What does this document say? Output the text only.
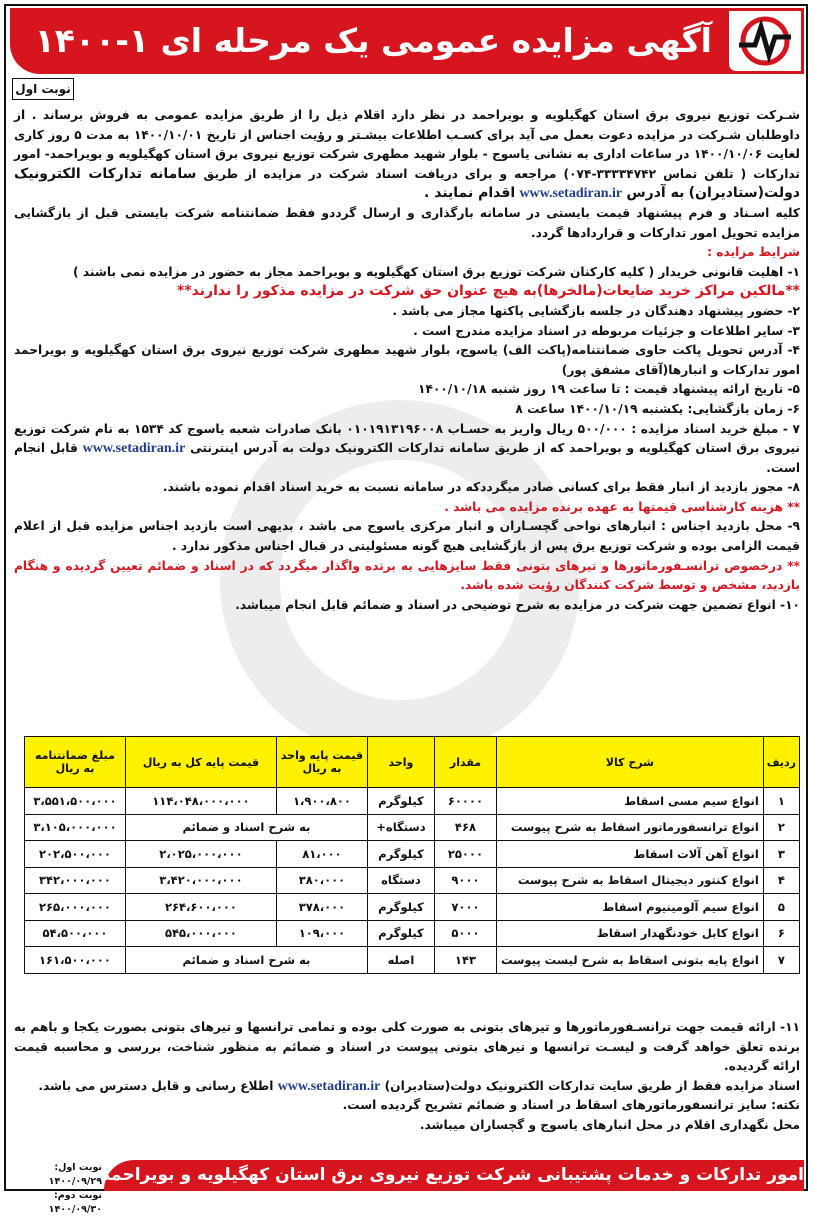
آگهی مزایده عمومی یک مرحله ای ۱-۱۴۰۰
نوبت اول

شـرکت توزیع نیروی برق استان کهگیلویه و بویراحمد در نظر دارد اقلام ذیل را از طریق مزایده عمومی به فروش برساند . از داوطلبان شـرکت در مزایده دعوت بعمل می آید برای کسـب اطلاعات بیشـتر و رؤیت اجناس از تاریخ ۱۴۰۰/۱۰/۰۱ به مدت ۵ روز کاری لغایت ۱۴۰۰/۱۰/۰۶ در ساعات اداری به نشانی یاسوج - بلوار شهید مطهری شرکت توزیع نیروی برق استان کهگیلویه و بویراحمد- امور تدارکات ( تلفن تماس ۳۳۳۳۴۷۴۲-۰۷۴) مراجعه و برای دریافت اسناد شرکت در مزایده از طریق سامانه تدارکات الکترونیک دولت(ستادیران) به آدرس www.setadiran.ir اقدام نمایند .

کلیه اسـناد و فرم پیشنهاد قیمت بایستی در سامانه بارگذاری و ارسال گرددو فقط ضمانتنامه شرکت بایستی قبل از بازگشایی مزایده تحویل امور تدارکات و قراردادها گردد.

شرایط مزایده :

۱- اهلیت قانونی خریدار ( کلیه کارکنان شرکت توزیع برق استان کهگیلویه و بویراحمد مجاز به حضور در مزایده نمی باشند )

**مالکین مراکز خرید ضایعات(مالخرها)به هیچ عنوان حق شرکت در مزایده مذکور را ندارند**

۲- حضور پیشنهاد دهندگان در جلسه بازگشایی پاکتها مجاز می باشد .

۳- سایر اطلاعات و جزئیات مربوطه در اسناد مزایده مندرج است .

۴- آدرس تحویل پاکت حاوی ضمانتنامه(پاکت الف) یاسوج، بلوار شهید مطهری شرکت توزیع نیروی برق استان کهگیلویه و بویراحمد امور تدارکات و انبارها(آقای مشفق پور)

۵- تاریخ ارائه پیشنهاد قیمت : تا ساعت ۱۹ روز شنبه ۱۴۰۰/۱۰/۱۸

۶- زمان بازگشایی: یکشنبه ۱۴۰۰/۱۰/۱۹ ساعت ۸

۷ - مبلغ خرید اسناد مزایده : ۵۰۰/۰۰۰ ریال واریز به حسـاب ۰۱۰۱۹۱۳۱۹۶۰۰۸ بانک صادرات شعبه یاسوج کد ۱۵۳۴ به نام شرکت توزیع نیروی برق استان کهگیلویه و بویراحمد که از طریق سامانه تدارکات الکترونیک دولت به آدرس اینترنتی www.setadiran.ir قابل انجام است.

۸- مجوز بازدید از انبار فقط برای کسانی صادر میگرددکه در سامانه نسبت به خرید اسناد اقدام نموده باشند.

** هزینه کارشناسی قیمتها به عهده برنده مزایده می باشد .

۹- محل بازدید اجناس : انبارهای نواحی گچسـاران و انبار مرکزی یاسوج می باشد ، بدیهی است بازدید اجناس مزایده قبل از اعلام قیمت الزامی بوده و شرکت توزیع برق پس از بازگشایی هیچ گونه مسئولیتی در قبال اجناس مذکور ندارد .

** درخصوص ترانسـفورماتورها و تیرهای بتونی فقط سایزهایی به برنده واگذار میگردد که در اسناد و ضمائم تعیین گردیده و هنگام بازدید، مشخص و توسط شرکت کنندگان رؤیت شده باشد.

۱۰- انواع تضمین جهت شرکت در مزایده به شرح توضیحی در اسناد و ضمائم قابل انجام میباشد.

ردیف	شرح کالا	مقدار	واحد	قیمت پایه واحد به ریال	قیمت پایه کل به ریال	مبلغ ضمانتنامه به ریال
۱	انواع سیم مسی اسقاط	۶۰۰۰۰	کیلوگرم	۱،۹۰۰،۸۰۰	۱۱۴،۰۴۸،۰۰۰،۰۰۰	۳،۵۵۱،۵۰۰،۰۰۰
۲	انواع ترانسفورماتور اسقاط به شرح پیوست	۴۶۸	دستگاه+	به شرح اسناد و ضمائم		۳،۱۰۵،۰۰۰،۰۰۰
۳	انواع آهن آلات اسقاط	۲۵۰۰۰	کیلوگرم	۸۱،۰۰۰	۲،۰۲۵،۰۰۰،۰۰۰	۲۰۲،۵۰۰،۰۰۰
۴	انواع کنتور دیجیتال اسقاط به شرح پیوست	۹۰۰۰	دستگاه	۳۸۰،۰۰۰	۳،۴۲۰،۰۰۰،۰۰۰	۳۴۲،۰۰۰،۰۰۰
۵	انواع سیم آلومینیوم اسقاط	۷۰۰۰	کیلوگرم	۳۷۸،۰۰۰	۲۶۴،۶۰۰،۰۰۰	۲۶۵،۰۰۰،۰۰۰
۶	انواع کابل خودنگهدار اسقاط	۵۰۰۰	کیلوگرم	۱۰۹،۰۰۰	۵۴۵،۰۰۰،۰۰۰	۵۴،۵۰۰،۰۰۰
۷	انواع پایه بتونی اسقاط به شرح لیست پیوست	۱۴۳	اصله	به شرح اسناد و ضمائم		۱۶۱،۵۰۰،۰۰۰

۱۱- ارائه قیمت جهت ترانسـفورماتورها و تیرهای بتونی به صورت کلی بوده و تمامی ترانسها و تیرهای بتونی بصورت یکجا و باهم به برنده تعلق خواهد گرفت و لیسـت ترانسها و تیرهای بتونی پیوست در اسناد و ضمائم به منظور شناخت، بررسی و محاسبه قیمت ارائه گردیده.

اسناد مزایده فقط از طریق سایت تدارکات الکترونیک دولت(ستادیران) www.setadiran.ir اطلاع رسانی و قابل دسترس می باشد.

نکته: سایز ترانسفورماتورهای اسقاط در اسناد و ضمائم تشریح گردیده است.

محل نگهداری اقلام در محل انبارهای یاسوج و گچساران میباشد.

نوبت اول: ۱۴۰۰/۰۹/۲۹
نوبت دوم: ۱۴۰۰/۰۹/۳۰
امور تدارکات و خدمات پشتیبانی شرکت توزیع نیروی برق استان کهگیلویه و بویراحمد
